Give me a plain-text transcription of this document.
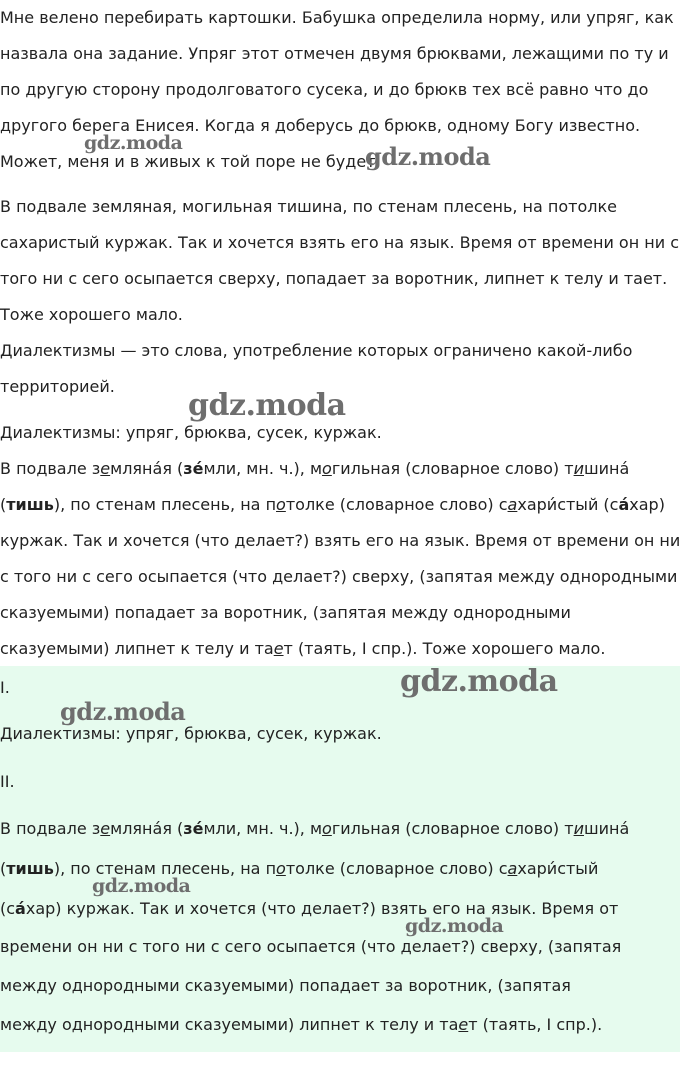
Мне велено перебирать картошки. Бабушка определила норму, или упряг, как
назвала она задание. Упряг этот отмечен двумя брюквами, лежащими по ту и
по другую сторону продолговатого сусека, и до брюкв тех всё равно что до
другого берега Енисея. Когда я доберусь до брюкв, одному Богу известно.
Может, меня и в живых к той поре не будет.
В подвале земляная, могильная тишина, по стенам плесень, на потолке
сахаристый куржак. Так и хочется взять его на язык. Время от времени он ни с
того ни с сего осыпается сверху, попадает за воротник, липнет к телу и тает.
Тоже хорошего мало.
Диалектизмы — это слова, употребление которых ограничено какой-либо
территорией.
Диалектизмы: упряг, брюква, сусек, куржак.
В подвале земляна́я (зе́мли, мн. ч.), могильная (словарное слово) тишина́
(тишь), по стенам плесень, на потолке (словарное слово) сахари́стый (са́хар)
куржак. Так и хочется (что делает?) взять его на язык. Время от времени он ни
с того ни с сего осыпается (что делает?) сверху, (запятая между однородными
сказуемыми) попадает за воротник, (запятая между однородными
сказуемыми) липнет к телу и тает (таять, I спр.). Тоже хорошего мало.
I.
Диалектизмы: упряг, брюква, сусек, куржак.
II.
В подвале земляна́я (зе́мли, мн. ч.), могильная (словарное слово) тишина́
(тишь), по стенам плесень, на потолке (словарное слово) сахари́стый
(са́хар) куржак. Так и хочется (что делает?) взять его на язык. Время от
времени он ни с того ни с сего осыпается (что делает?) сверху, (запятая
между однородными сказуемыми) попадает за воротник, (запятая
между однородными сказуемыми) липнет к телу и тает (таять, I спр.).
gdz.moda	gdz.moda
gdz.moda
gdz.moda
gdz.moda
gdz.moda
gdz.moda
